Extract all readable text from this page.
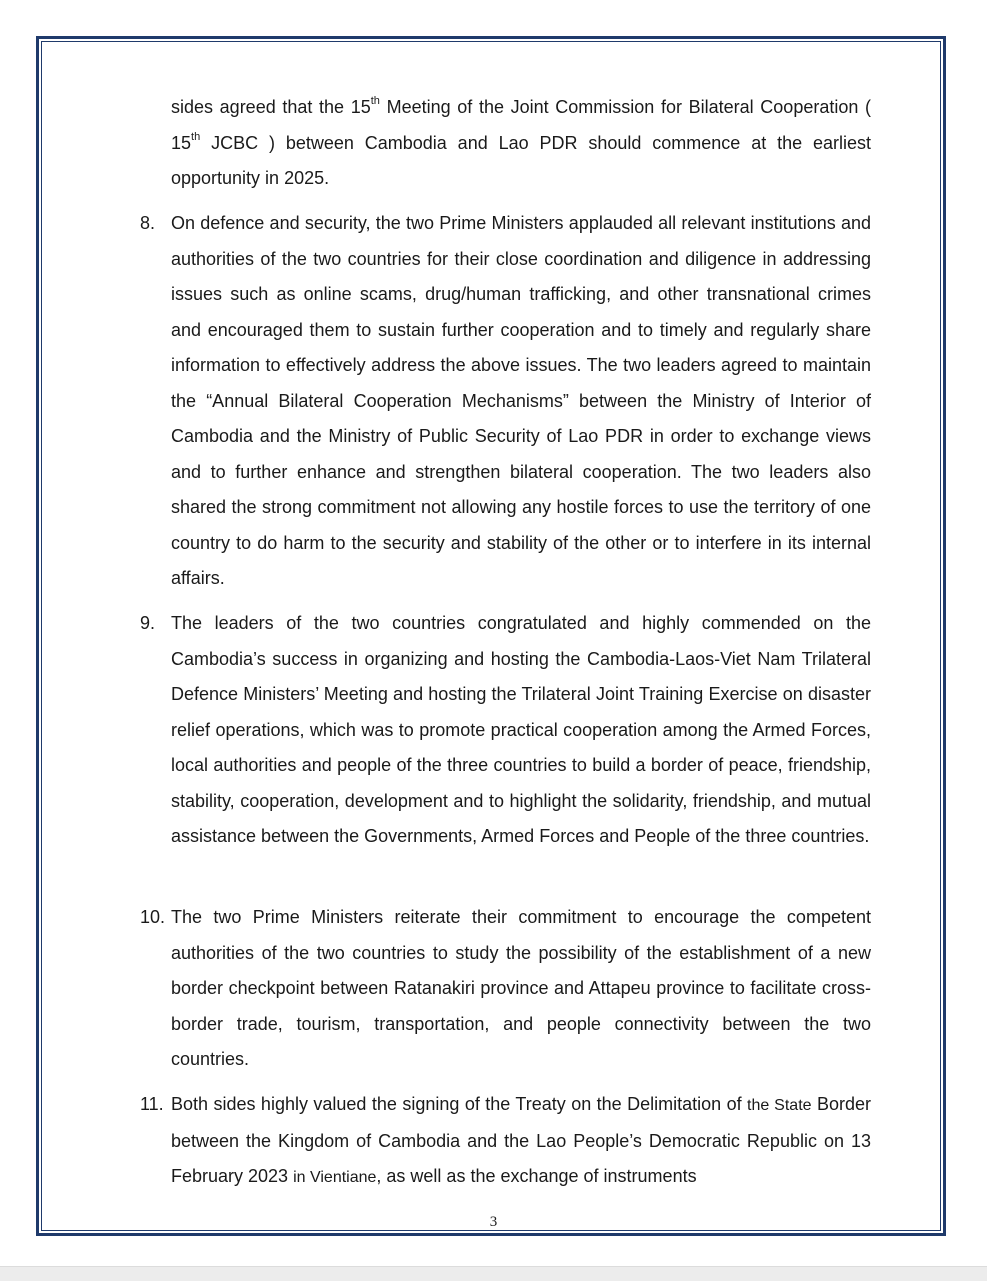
sides agreed that the 15th Meeting of the Joint Commission for Bilateral Cooperation ( 15th JCBC ) between Cambodia and Lao PDR should commence at the earliest opportunity in 2025.

8. On defence and security, the two Prime Ministers applauded all relevant institutions and authorities of the two countries for their close coordination and diligence in addressing issues such as online scams, drug/human trafficking, and other transnational crimes and encouraged them to sustain further cooperation and to timely and regularly share information to effectively address the above issues. The two leaders agreed to maintain the “Annual Bilateral Cooperation Mechanisms” between the Ministry of Interior of Cambodia and the Ministry of Public Security of Lao PDR in order to exchange views and to further enhance and strengthen bilateral cooperation. The two leaders also shared the strong commitment not allowing any hostile forces to use the territory of one country to do harm to the security and stability of the other or to interfere in its internal affairs.

9. The leaders of the two countries congratulated and highly commended on the Cambodia’s success in organizing and hosting the Cambodia-Laos-Viet Nam Trilateral Defence Ministers’ Meeting and hosting the Trilateral Joint Training Exercise on disaster relief operations, which was to promote practical cooperation among the Armed Forces, local authorities and people of the three countries to build a border of peace, friendship, stability, cooperation, development and to highlight the solidarity, friendship, and mutual assistance between the Governments, Armed Forces and People of the three countries.

10. The two Prime Ministers reiterate their commitment to encourage the competent authorities of the two countries to study the possibility of the establishment of a new border checkpoint between Ratanakiri province and Attapeu province to facilitate cross-border trade, tourism, transportation, and people connectivity between the two countries.

11. Both sides highly valued the signing of the Treaty on the Delimitation of the State Border between the Kingdom of Cambodia and the Lao People’s Democratic Republic on 13 February 2023 in Vientiane, as well as the exchange of instruments

3
